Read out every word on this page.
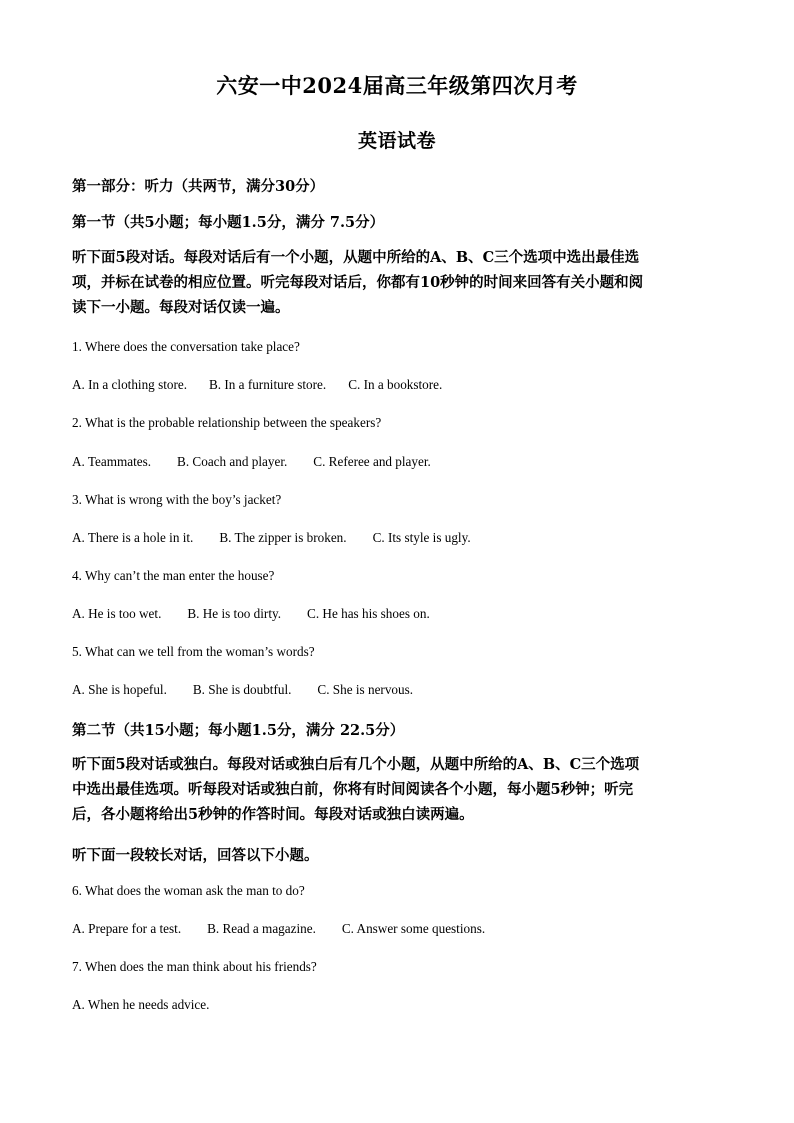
六安一中2024届高三年级第四次月考
英语试卷
第一部分：听力（共两节，满分30分）
第一节（共5小题；每小题1.5分，满分 7.5分）
听下面5段对话。每段对话后有一个小题，从题中所给的A、B、C三个选项中选出最佳选
项，并标在试卷的相应位置。听完每段对话后，你都有10秒钟的时间来回答有关小题和阅
读下一小题。每段对话仅读一遍。
1. Where does the conversation take place?
A. In a clothing store. B. In a furniture store. C. In a bookstore.
2. What is the probable relationship between the speakers?
A. Teammates. B. Coach and player. C. Referee and player.
3. What is wrong with the boy’s jacket?
A. There is a hole in it. B. The zipper is broken. C. Its style is ugly.
4. Why can’t the man enter the house?
A. He is too wet. B. He is too dirty. C. He has his shoes on.
5. What can we tell from the woman’s words?
A. She is hopeful. B. She is doubtful. C. She is nervous.
第二节（共15小题；每小题1.5分，满分 22.5分）
听下面5段对话或独白。每段对话或独白后有几个小题，从题中所给的A、B、C三个选项
中选出最佳选项。听每段对话或独白前，你将有时间阅读各个小题，每小题5秒钟；听完
后，各小题将给出5秒钟的作答时间。每段对话或独白读两遍。
听下面一段较长对话，回答以下小题。
6. What does the woman ask the man to do?
A. Prepare for a test. B. Read a magazine. C. Answer some questions.
7. When does the man think about his friends?
A. When he needs advice.
